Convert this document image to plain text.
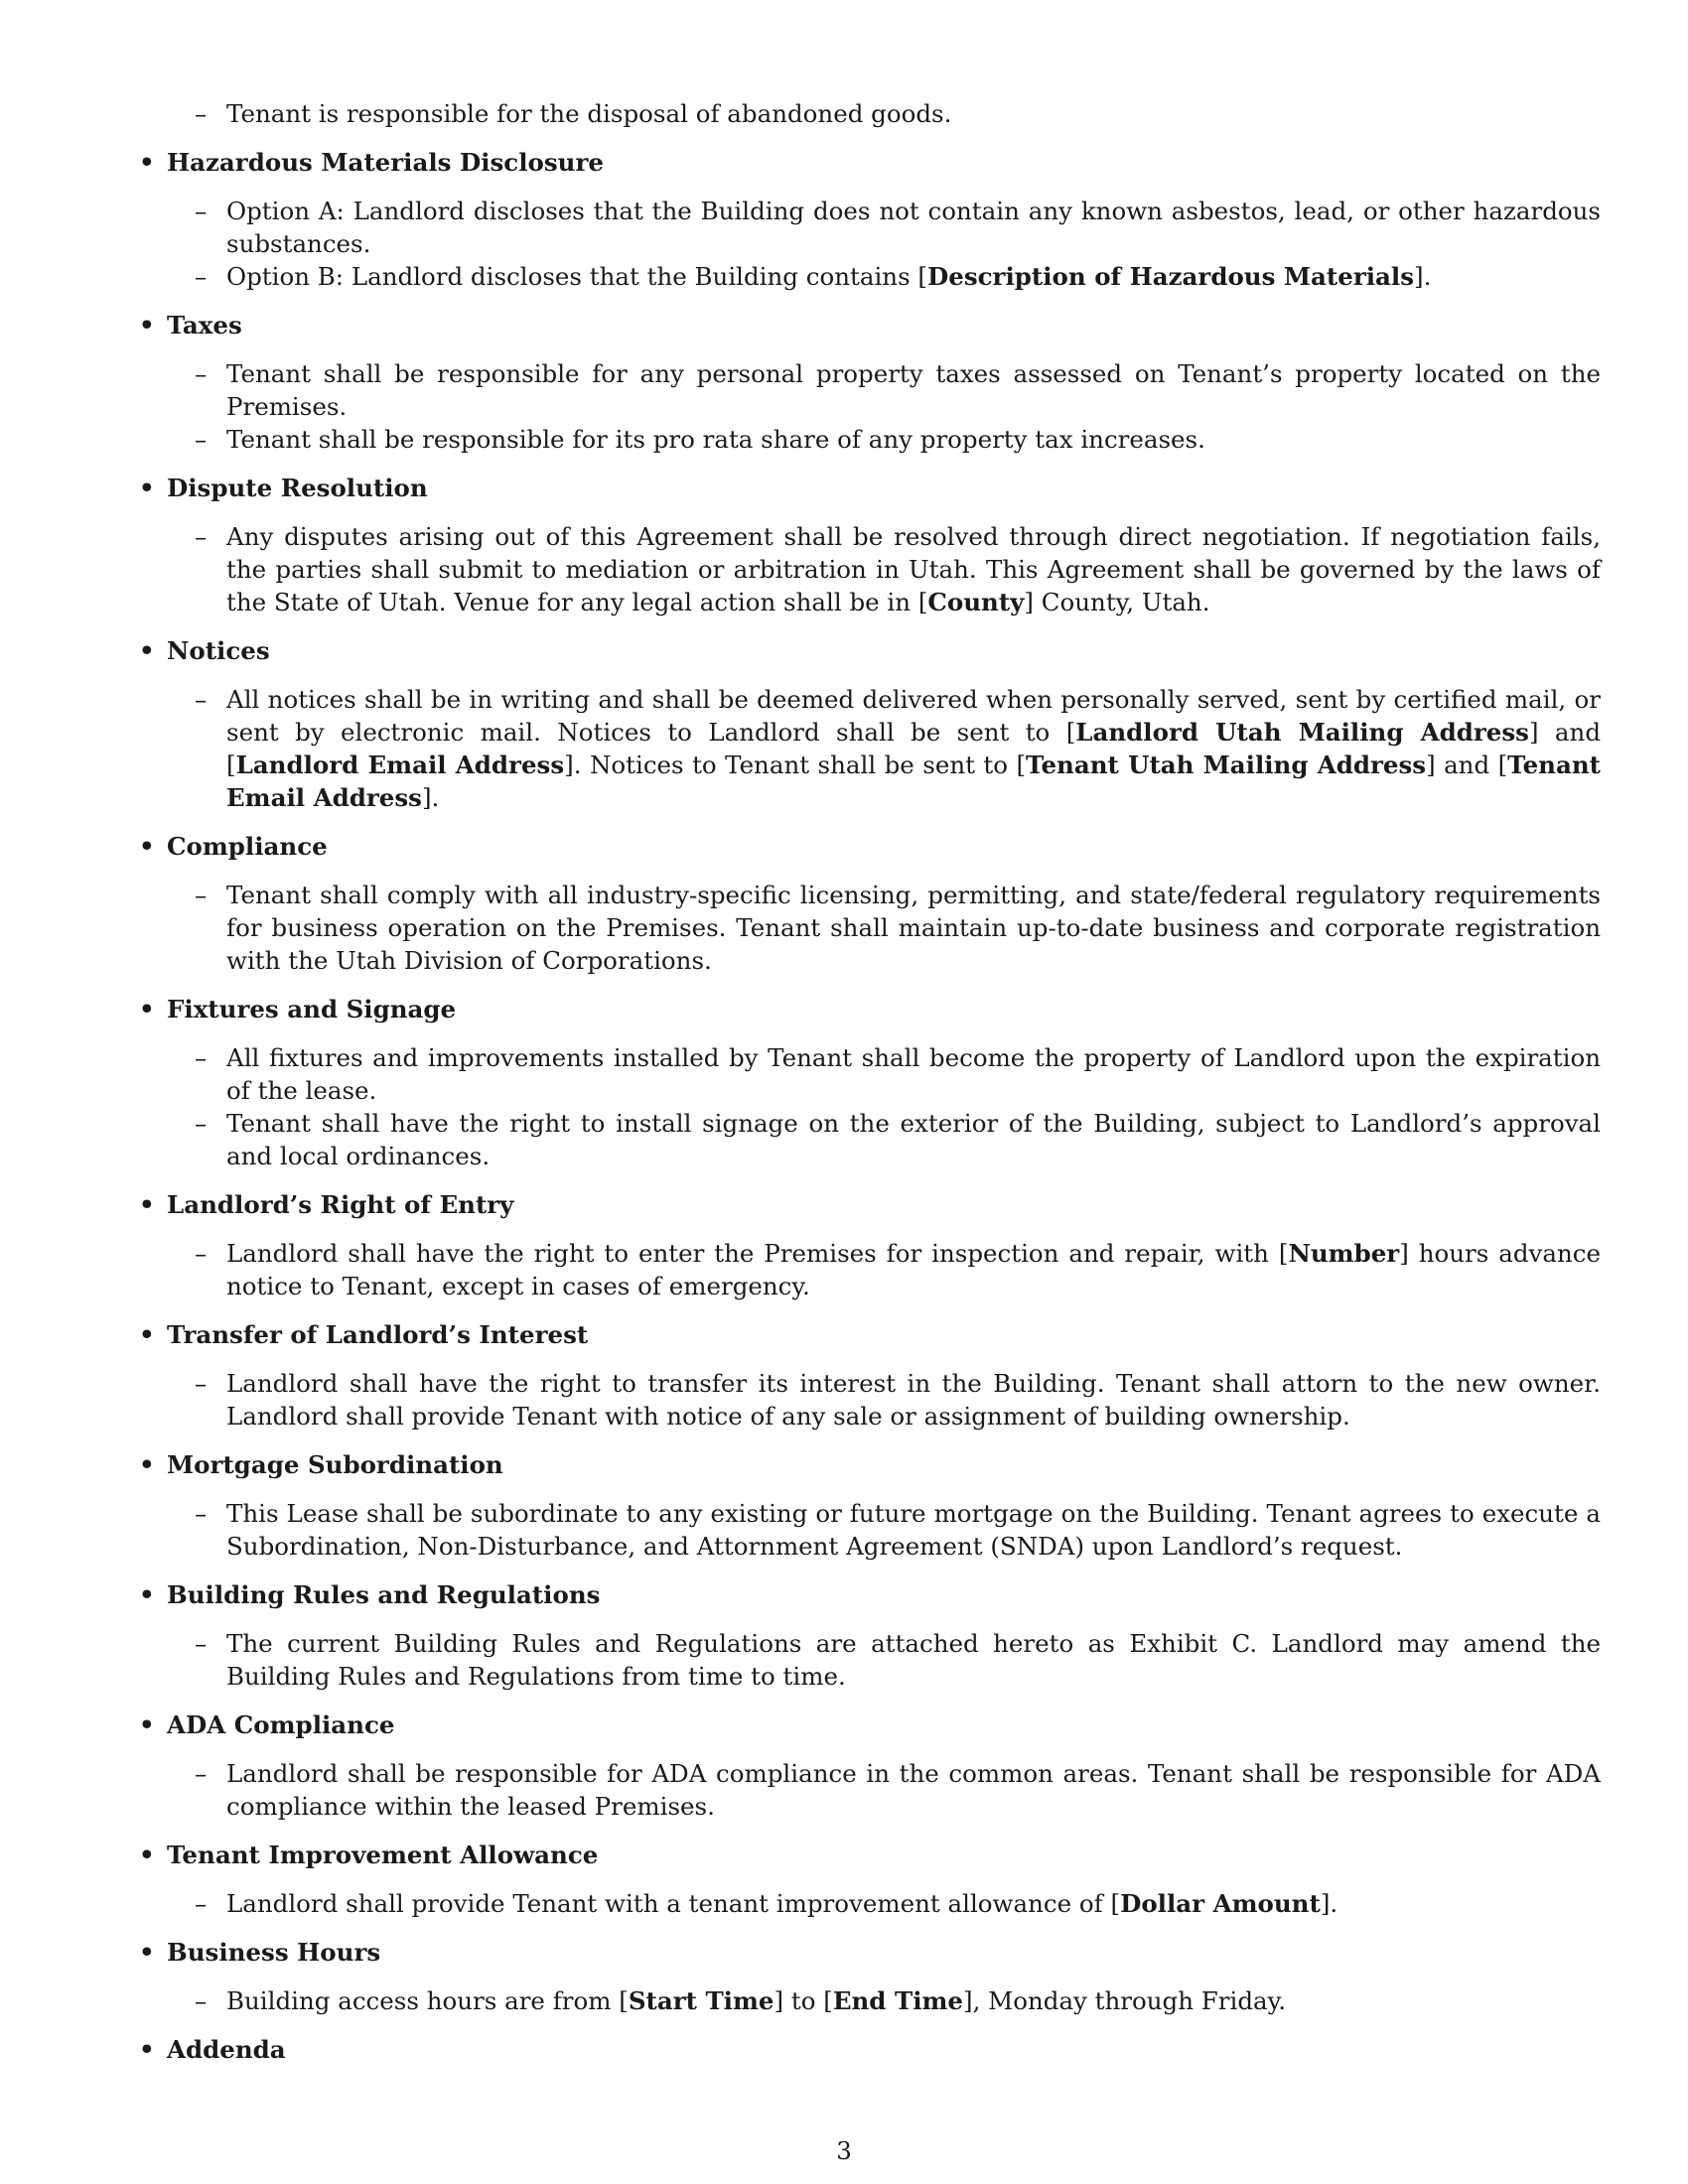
– Tenant is responsible for the disposal of abandoned goods.

• Hazardous Materials Disclosure

– Option A: Landlord discloses that the Building does not contain any known asbestos, lead, or other hazardous substances.

– Option B: Landlord discloses that the Building contains [Description of Hazardous Materials].

• Taxes

– Tenant shall be responsible for any personal property taxes assessed on Tenant’s property located on the Premises.

– Tenant shall be responsible for its pro rata share of any property tax increases.

• Dispute Resolution

– Any disputes arising out of this Agreement shall be resolved through direct negotiation. If negotiation fails, the parties shall submit to mediation or arbitration in Utah. This Agreement shall be governed by the laws of the State of Utah. Venue for any legal action shall be in [County] County, Utah.

• Notices

– All notices shall be in writing and shall be deemed delivered when personally served, sent by certified mail, or sent by electronic mail. Notices to Landlord shall be sent to [Landlord Utah Mailing Address] and [Landlord Email Address]. Notices to Tenant shall be sent to [Tenant Utah Mailing Address] and [Tenant Email Address].

• Compliance

– Tenant shall comply with all industry-specific licensing, permitting, and state/federal regulatory requirements for business operation on the Premises. Tenant shall maintain up-to-date business and corporate registration with the Utah Division of Corporations.

• Fixtures and Signage

– All fixtures and improvements installed by Tenant shall become the property of Landlord upon the expiration of the lease.

– Tenant shall have the right to install signage on the exterior of the Building, subject to Landlord’s approval and local ordinances.

• Landlord’s Right of Entry

– Landlord shall have the right to enter the Premises for inspection and repair, with [Number] hours advance notice to Tenant, except in cases of emergency.

• Transfer of Landlord’s Interest

– Landlord shall have the right to transfer its interest in the Building. Tenant shall attorn to the new owner. Landlord shall provide Tenant with notice of any sale or assignment of building ownership.

• Mortgage Subordination

– This Lease shall be subordinate to any existing or future mortgage on the Building. Tenant agrees to execute a Subordination, Non-Disturbance, and Attornment Agreement (SNDA) upon Landlord’s request.

• Building Rules and Regulations

– The current Building Rules and Regulations are attached hereto as Exhibit C. Landlord may amend the Building Rules and Regulations from time to time.

• ADA Compliance

– Landlord shall be responsible for ADA compliance in the common areas. Tenant shall be responsible for ADA compliance within the leased Premises.

• Tenant Improvement Allowance

– Landlord shall provide Tenant with a tenant improvement allowance of [Dollar Amount].

• Business Hours

– Building access hours are from [Start Time] to [End Time], Monday through Friday.

• Addenda

3
